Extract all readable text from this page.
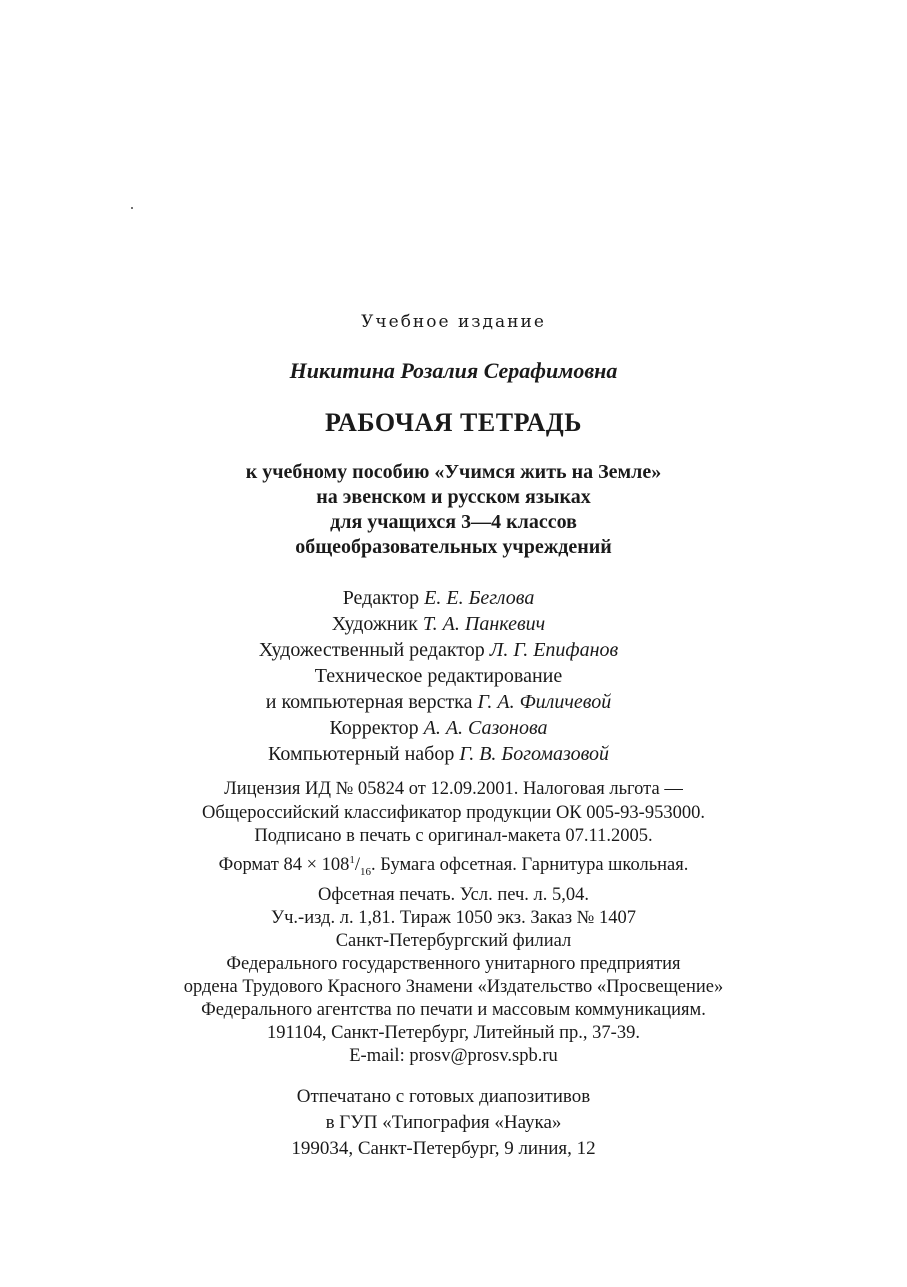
Учебное издание
Никитина Розалия Серафимовна
РАБОЧАЯ ТЕТРАДЬ
к учебному пособию «Учимся жить на Земле»
на эвенском и русском языках
для учащихся 3—4 классов
общеобразовательных учреждений
Редактор Е. Е. Беглова
Художник Т. А. Панкевич
Художественный редактор Л. Г. Епифанов
Техническое редактирование
и компьютерная верстка Г. А. Филичевой
Корректор А. А. Сазонова
Компьютерный набор Г. В. Богомазовой
Лицензия ИД № 05824 от 12.09.2001. Налоговая льгота —
Общероссийский классификатор продукции ОК 005-93-953000.
Подписано в печать с оригинал-макета 07.11.2005.
Формат $84 \times 108^1/_{16}$. Бумага офсетная. Гарнитура школьная.
Офсетная печать. Усл. печ. л. 5,04.
Уч.-изд. л. 1,81. Тираж 1050 экз. Заказ № 1407
Санкт-Петербургский филиал
Федерального государственного унитарного предприятия
ордена Трудового Красного Знамени «Издательство «Просвещение»
Федерального агентства по печати и массовым коммуникациям.
191104, Санкт-Петербург, Литейный пр., 37-39.
E-mail: prosv@prosv.spb.ru
Отпечатано с готовых диапозитивов
в ГУП «Типография «Наука»
199034, Санкт-Петербург, 9 линия, 12
